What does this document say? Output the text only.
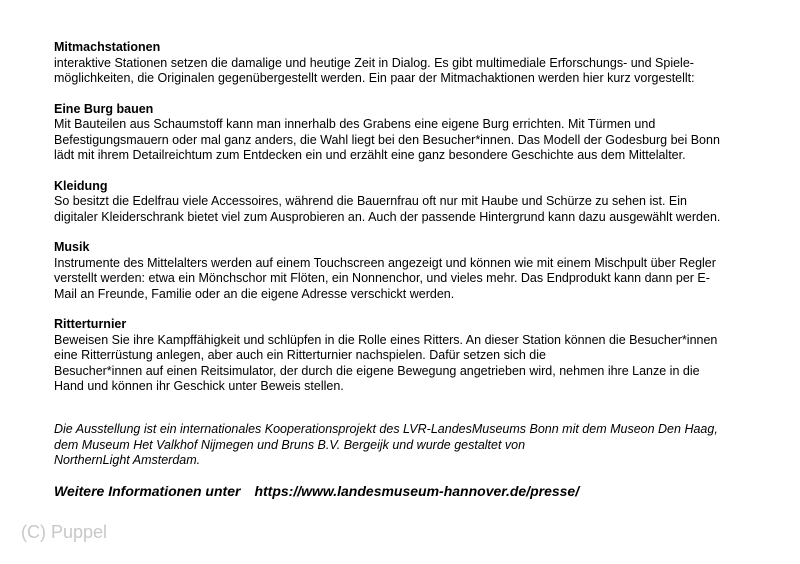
Mitmachstationen
interaktive Stationen setzen die damalige und heutige Zeit in Dialog. Es gibt multimediale Erforschungs- und Spiele-
möglichkeiten, die Originalen gegenübergestellt werden. Ein paar der Mitmachaktionen werden hier kurz vorgestellt:
Eine Burg bauen
Mit Bauteilen aus Schaumstoff kann man innerhalb des Grabens eine eigene Burg errichten. Mit Türmen und
Befestigungsmauern oder mal ganz anders, die Wahl liegt bei den Besucher*innen. Das Modell der Godesburg bei Bonn
lädt mit ihrem Detailreichtum zum Entdecken ein und erzählt eine ganz besondere Geschichte aus dem Mittelalter.
Kleidung
So besitzt die Edelfrau viele Accessoires, während die Bauernfrau oft nur mit Haube und Schürze zu sehen ist. Ein
digitaler Kleiderschrank bietet viel zum Ausprobieren an. Auch der passende Hintergrund kann dazu ausgewählt werden.
Musik
Instrumente des Mittelalters werden auf einem Touchscreen angezeigt und können wie mit einem Mischpult über Regler
verstellt werden: etwa ein Mönchschor mit Flöten, ein Nonnenchor, und vieles mehr. Das Endprodukt kann dann per E-
Mail an Freunde, Familie oder an die eigene Adresse verschickt werden.
Ritterturnier
Beweisen Sie ihre Kampffähigkeit und schlüpfen in die Rolle eines Ritters. An dieser Station können die Besucher*innen
eine Ritterrüstung anlegen, aber auch ein Ritterturnier nachspielen. Dafür setzen sich die
Besucher*innen auf einen Reitsimulator, der durch die eigene Bewegung angetrieben wird, nehmen ihre Lanze in die
Hand und können ihr Geschick unter Beweis stellen.
Die Ausstellung ist ein internationales Kooperationsprojekt des LVR-LandesMuseums Bonn mit dem Museon Den Haag,
dem Museum Het Valkhof Nijmegen und Bruns B.V. Bergeijk und wurde gestaltet von
NorthernLight Amsterdam.
Weitere Informationen unter https://www.landesmuseum-hannover.de/presse/
(C) Puppel
